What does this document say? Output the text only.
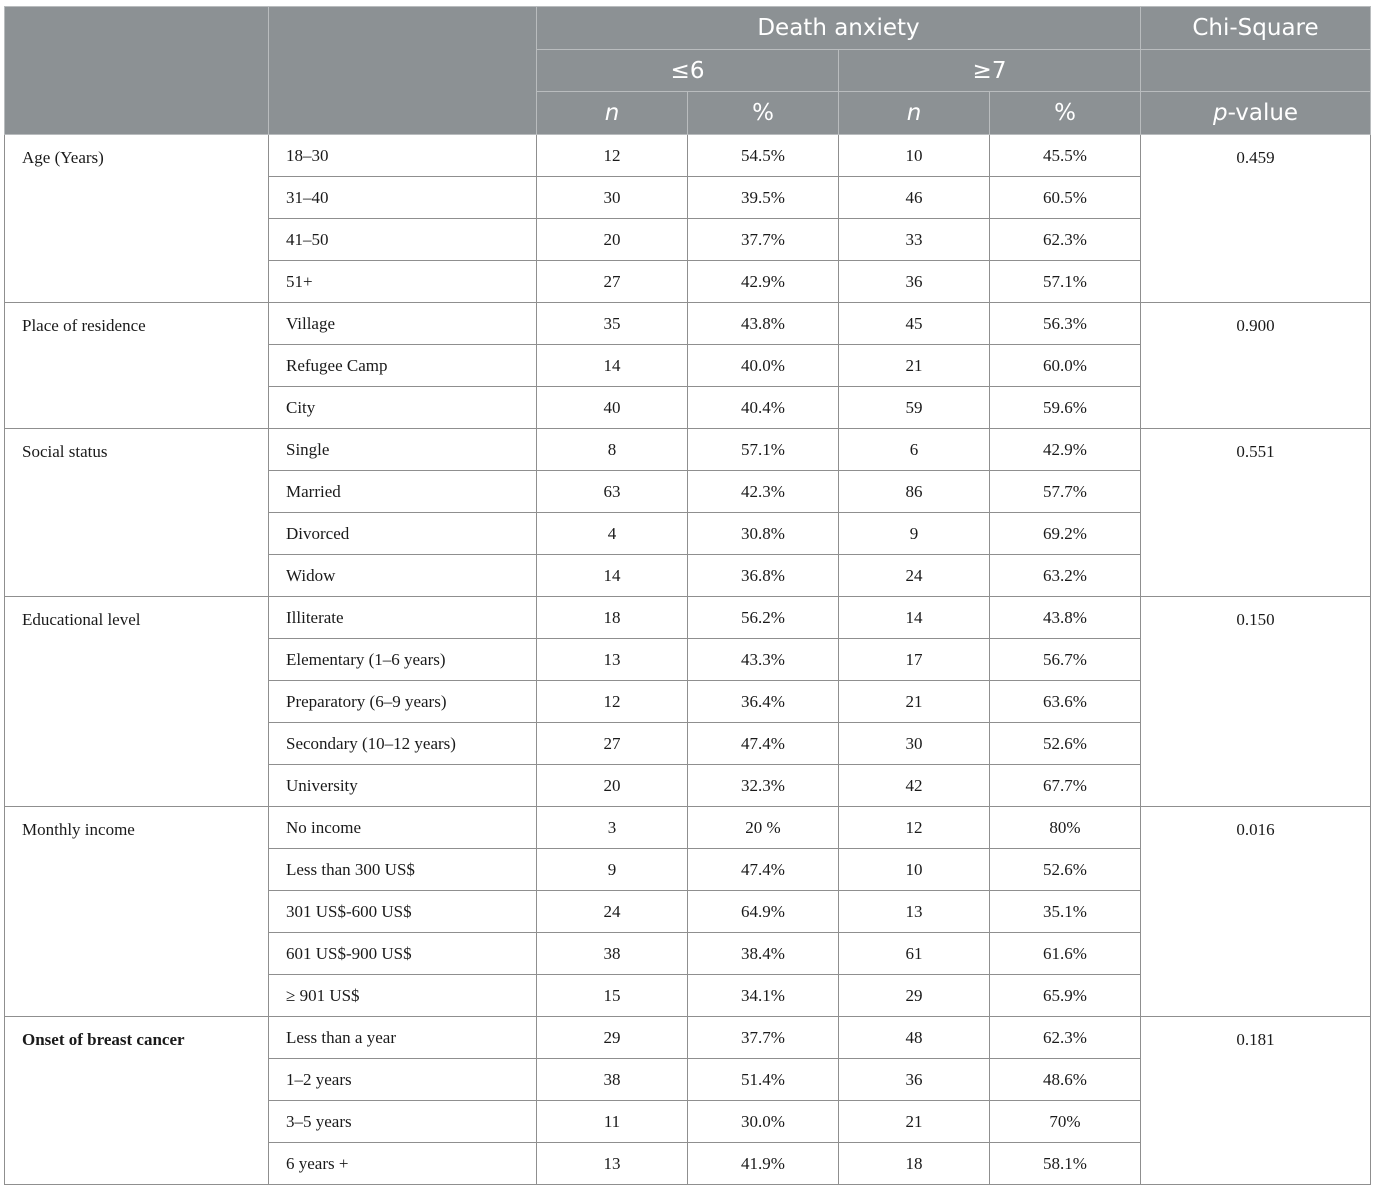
		Death anxiety				Chi-Square
		≤6		≥7		
		n	%	n	%	p-value
Age (Years)	18–30	12	54.5%	10	45.5%	0.459
	31–40	30	39.5%	46	60.5%	
	41–50	20	37.7%	33	62.3%	
	51+	27	42.9%	36	57.1%	
Place of residence	Village	35	43.8%	45	56.3%	0.900
	Refugee Camp	14	40.0%	21	60.0%	
	City	40	40.4%	59	59.6%	
Social status	Single	8	57.1%	6	42.9%	0.551
	Married	63	42.3%	86	57.7%	
	Divorced	4	30.8%	9	69.2%	
	Widow	14	36.8%	24	63.2%	
Educational level	Illiterate	18	56.2%	14	43.8%	0.150
	Elementary (1–6 years)	13	43.3%	17	56.7%	
	Preparatory (6–9 years)	12	36.4%	21	63.6%	
	Secondary (10–12 years)	27	47.4%	30	52.6%	
	University	20	32.3%	42	67.7%	
Monthly income	No income	3	20 %	12	80%	0.016
	Less than 300 US$	9	47.4%	10	52.6%	
	301 US$-600 US$	24	64.9%	13	35.1%	
	601 US$-900 US$	38	38.4%	61	61.6%	
	≥ 901 US$	15	34.1%	29	65.9%	
Onset of breast cancer	Less than a year	29	37.7%	48	62.3%	0.181
	1–2 years	38	51.4%	36	48.6%	
	3–5 years	11	30.0%	21	70%	
	6 years +	13	41.9%	18	58.1%	
